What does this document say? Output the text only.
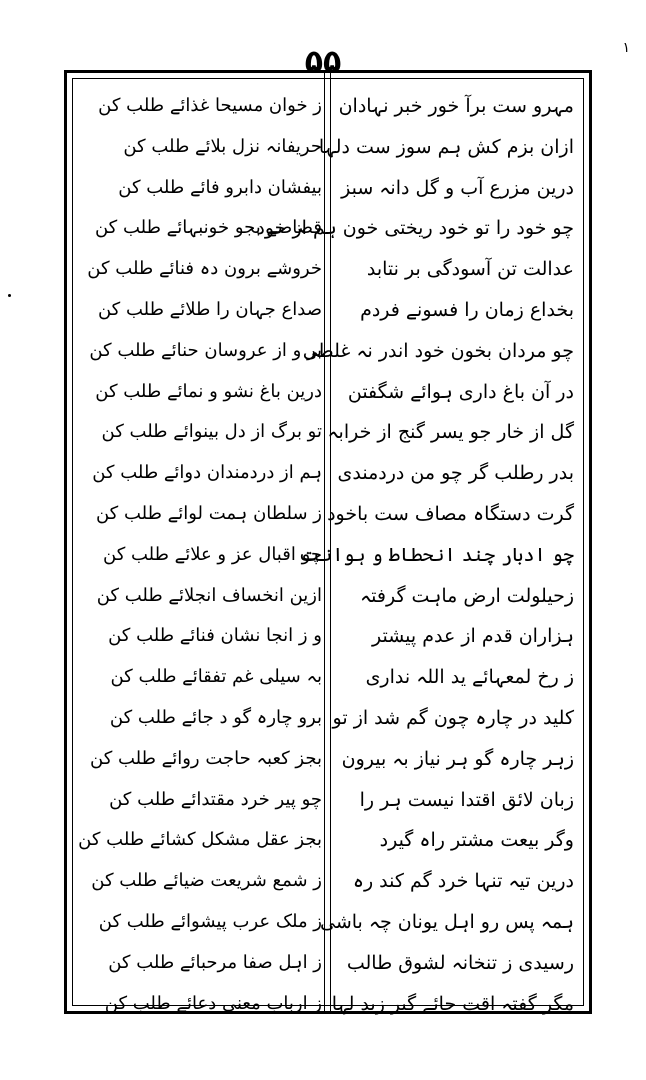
۵۵	۱
مہرو ست برآ خور خبر نہادان
ازان بزم کش ہم سوز ست دلہا
درین مزرع آب و گل دانہ سبز
چو خود را تو خود ریختی خون ہم از خود
عدالت تن آسودگی بر نتابد
بخداع زمان را فسونے فردم
چو مردان بخون خود اندر نہ غلطی
در آن باغ داری ہوائے شگفتن
گل از خار جو یسر گنج از خرابہ
بدر رطلب گر چو من دردمندی
گرت دستگاہ مصاف ست باخود
چو ادبار چند انحطاط و ہوانت
زحیلولت ارض ماہت گرفتہ
ہزاران قدم از عدم پیشتر
ز رخ لمعہائے ید اللہ نداری
کلید در چارہ چون گم شد از تو
زہر چارہ گو ہر نیاز بہ بیرون
زبان لائق اقتدا نیست ہر را
وگر بیعت مشتر راہ گیرد
درین تیہ تنہا خرد گم کند رہ
ہمہ پس رو اہل یونان چہ باشی
رسیدی ز تنخانہ لشوق طالب
مگر گفتہ اقت جائے گیر زبد لہا
ز خوان مسیحا غذائے طلب کن
حریفانہ نزل بلائے طلب کن
بیفشان دابرو فائے طلب کن
قصاصے بجو خونبہائے طلب کن
خروشے برون دہ فنائے طلب کن
صداع جہان را طلائے طلب کن
بر و از عروسان حنائے طلب کن
درین باغ نشو و نمائے طلب کن
تو برگ از دل بینوائے طلب کن
ہم از دردمندان دوائے طلب کن
ز سلطان ہمت لوائے طلب کن
چو اقبال عز و علائے طلب کن
ازین انخساف انجلائے طلب کن
و ز انجا نشان فنائے طلب کن
بہ سیلی غم تفقائے طلب کن
برو چارہ گو د جائے طلب کن
بجز کعبہ حاجت روائے طلب کن
چو پیر خرد مقتدائے طلب کن
بجز عقل مشکل کشائے طلب کن
ز شمع شریعت ضیائے طلب کن
ز ملک عرب پیشوائے طلب کن
ز اہل صفا مرحبائے طلب کن
ز ارباب معنی دعائے طلب کن
